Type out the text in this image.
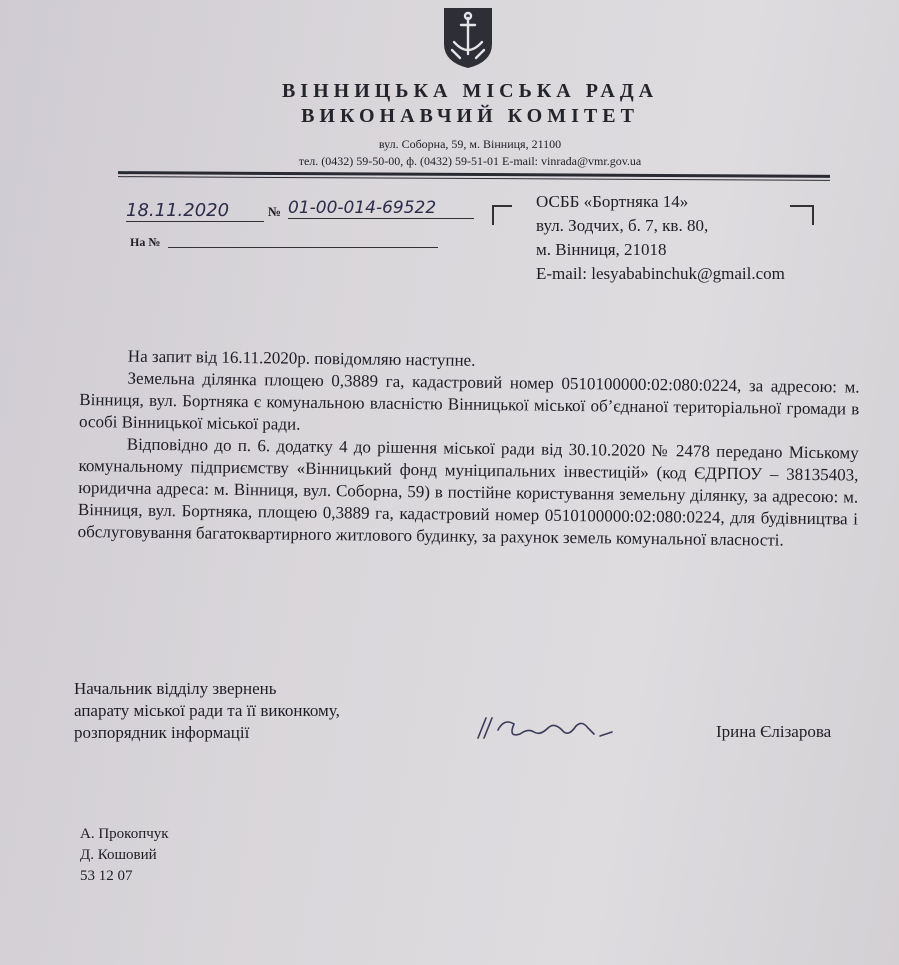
ВІННИЦЬКА МІСЬКА РАДА
ВИКОНАВЧИЙ КОМІТЕТ
вул. Соборна, 59, м. Вінниця, 21100
тел. (0432) 59-50-00, ф. (0432) 59-51-01 E-mail: vinrada@vmr.gov.ua
18.11.2020	№ 01-00-014-69522
На №
ОСББ «Бортняка 14»
вул. Зодчих, б. 7, кв. 80,
м. Вінниця, 21018
E-mail: lesyababinchuk@gmail.com

На запит від 16.11.2020р. повідомляю наступне.

Земельна ділянка площею 0,3889 га, кадастровий номер 0510100000:02:080:0224, за адресою: м. Вінниця, вул. Бортняка є комунальною власністю Вінницької міської об’єднаної територіальної громади в особі Вінницької міської ради.

Відповідно до п. 6. додатку 4 до рішення міської ради від 30.10.2020 № 2478 передано Міському комунальному підприємству «Вінницький фонд муніципальних інвестицій» (код ЄДРПОУ – 38135403, юридична адреса: м. Вінниця, вул. Соборна, 59) в постійне користування земельну ділянку, за адресою: м. Вінниця, вул. Бортняка, площею 0,3889 га, кадастровий номер 0510100000:02:080:0224, для будівництва і обслуговування багатоквартирного житлового будинку, за рахунок земель комунальної власності.

Начальник відділу звернень
апарату міської ради та її виконкому,
розпорядник інформації	Ірина Єлізарова
А. Прокопчук
Д. Кошовий
53 12 07
